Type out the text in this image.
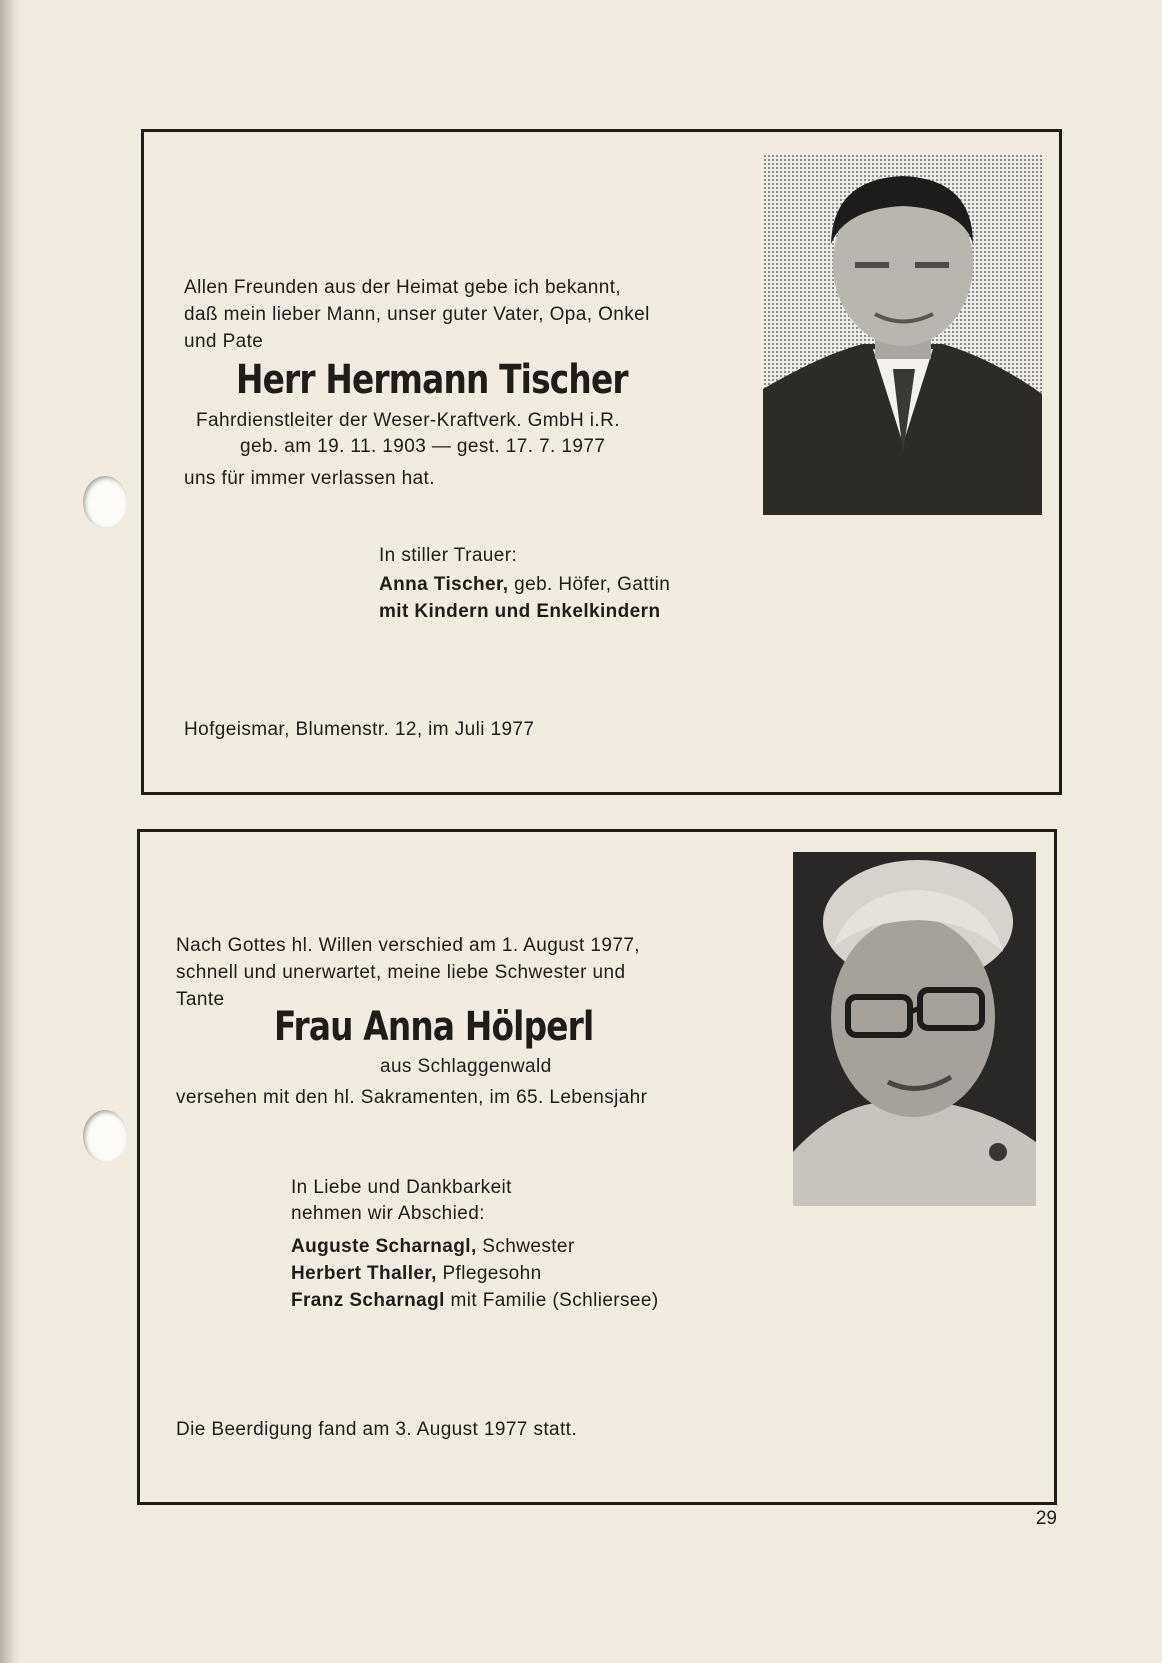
Allen Freunden aus der Heimat gebe ich bekannt,
daß mein lieber Mann, unser guter Vater, Opa, Onkel
und Pate
Herr Hermann Tischer
Fahrdienstleiter der Weser-Kraftverk. GmbH i.R.
geb. am 19. 11. 1903 — gest. 17. 7. 1977
uns für immer verlassen hat.
In stiller Trauer:
Anna Tischer, geb. Höfer, Gattin
mit Kindern und Enkelkindern
Hofgeismar, Blumenstr. 12, im Juli 1977
Nach Gottes hl. Willen verschied am 1. August 1977,
schnell und unerwartet, meine liebe Schwester und
Tante
Frau Anna Hölperl
aus Schlaggenwald
versehen mit den hl. Sakramenten, im 65. Lebensjahr
In Liebe und Dankbarkeit
nehmen wir Abschied:
Auguste Scharnagl, Schwester
Herbert Thaller, Pflegesohn
Franz Scharnagl mit Familie (Schliersee)
Die Beerdigung fand am 3. August 1977 statt.
29
